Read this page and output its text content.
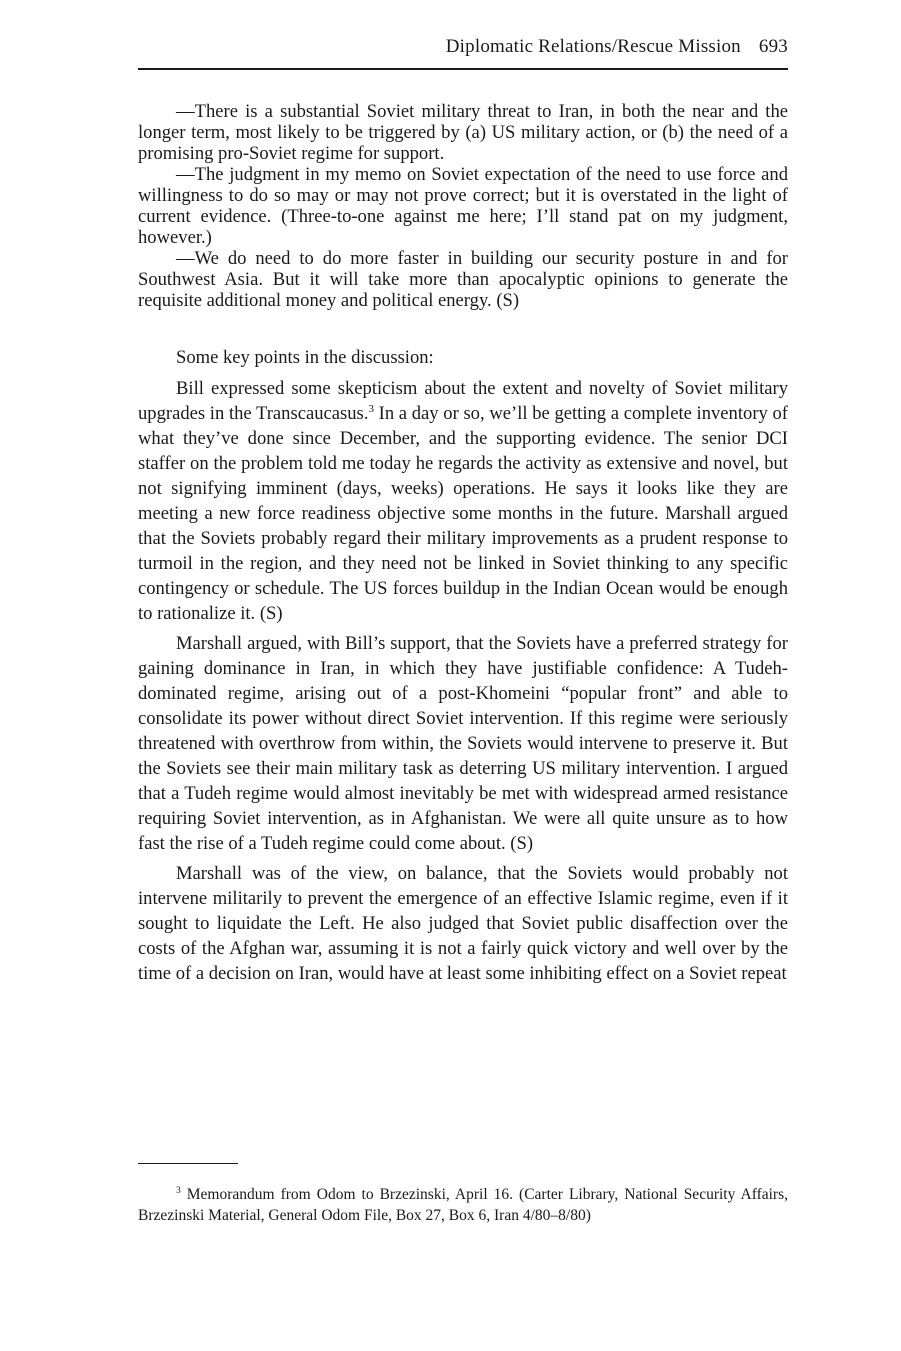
Diplomatic Relations/Rescue Mission 693

—There is a substantial Soviet military threat to Iran, in both the near and the longer term, most likely to be triggered by (a) US military action, or (b) the need of a promising pro-Soviet regime for support.

—The judgment in my memo on Soviet expectation of the need to use force and willingness to do so may or may not prove correct; but it is overstated in the light of current evidence. (Three-to-one against me here; I’ll stand pat on my judgment, however.)

—We do need to do more faster in building our security posture in and for Southwest Asia. But it will take more than apocalyptic opinions to generate the requisite additional money and political energy. (S)

Some key points in the discussion:

Bill expressed some skepticism about the extent and novelty of Soviet military upgrades in the Transcaucasus.$^3$ In a day or so, we’ll be getting a complete inventory of what they’ve done since December, and the supporting evidence. The senior DCI staffer on the problem told me today he regards the activity as extensive and novel, but not signifying imminent (days, weeks) operations. He says it looks like they are meeting a new force readiness objective some months in the future. Marshall argued that the Soviets probably regard their military improvements as a prudent response to turmoil in the region, and they need not be linked in Soviet thinking to any specific contingency or schedule. The US forces buildup in the Indian Ocean would be enough to rationalize it. (S)

Marshall argued, with Bill’s support, that the Soviets have a preferred strategy for gaining dominance in Iran, in which they have justifiable confidence: A Tudeh-dominated regime, arising out of a post-Khomeini “popular front” and able to consolidate its power without direct Soviet intervention. If this regime were seriously threatened with overthrow from within, the Soviets would intervene to preserve it. But the Soviets see their main military task as deterring US military intervention. I argued that a Tudeh regime would almost inevitably be met with widespread armed resistance requiring Soviet intervention, as in Afghanistan. We were all quite unsure as to how fast the rise of a Tudeh regime could come about. (S)

Marshall was of the view, on balance, that the Soviets would probably not intervene militarily to prevent the emergence of an effective Islamic regime, even if it sought to liquidate the Left. He also judged that Soviet public disaffection over the costs of the Afghan war, assuming it is not a fairly quick victory and well over by the time of a decision on Iran, would have at least some inhibiting effect on a Soviet repeat

$^3$ Memorandum from Odom to Brzezinski, April 16. (Carter Library, National Security Affairs, Brzezinski Material, General Odom File, Box 27, Box 6, Iran 4/80–8/80)
